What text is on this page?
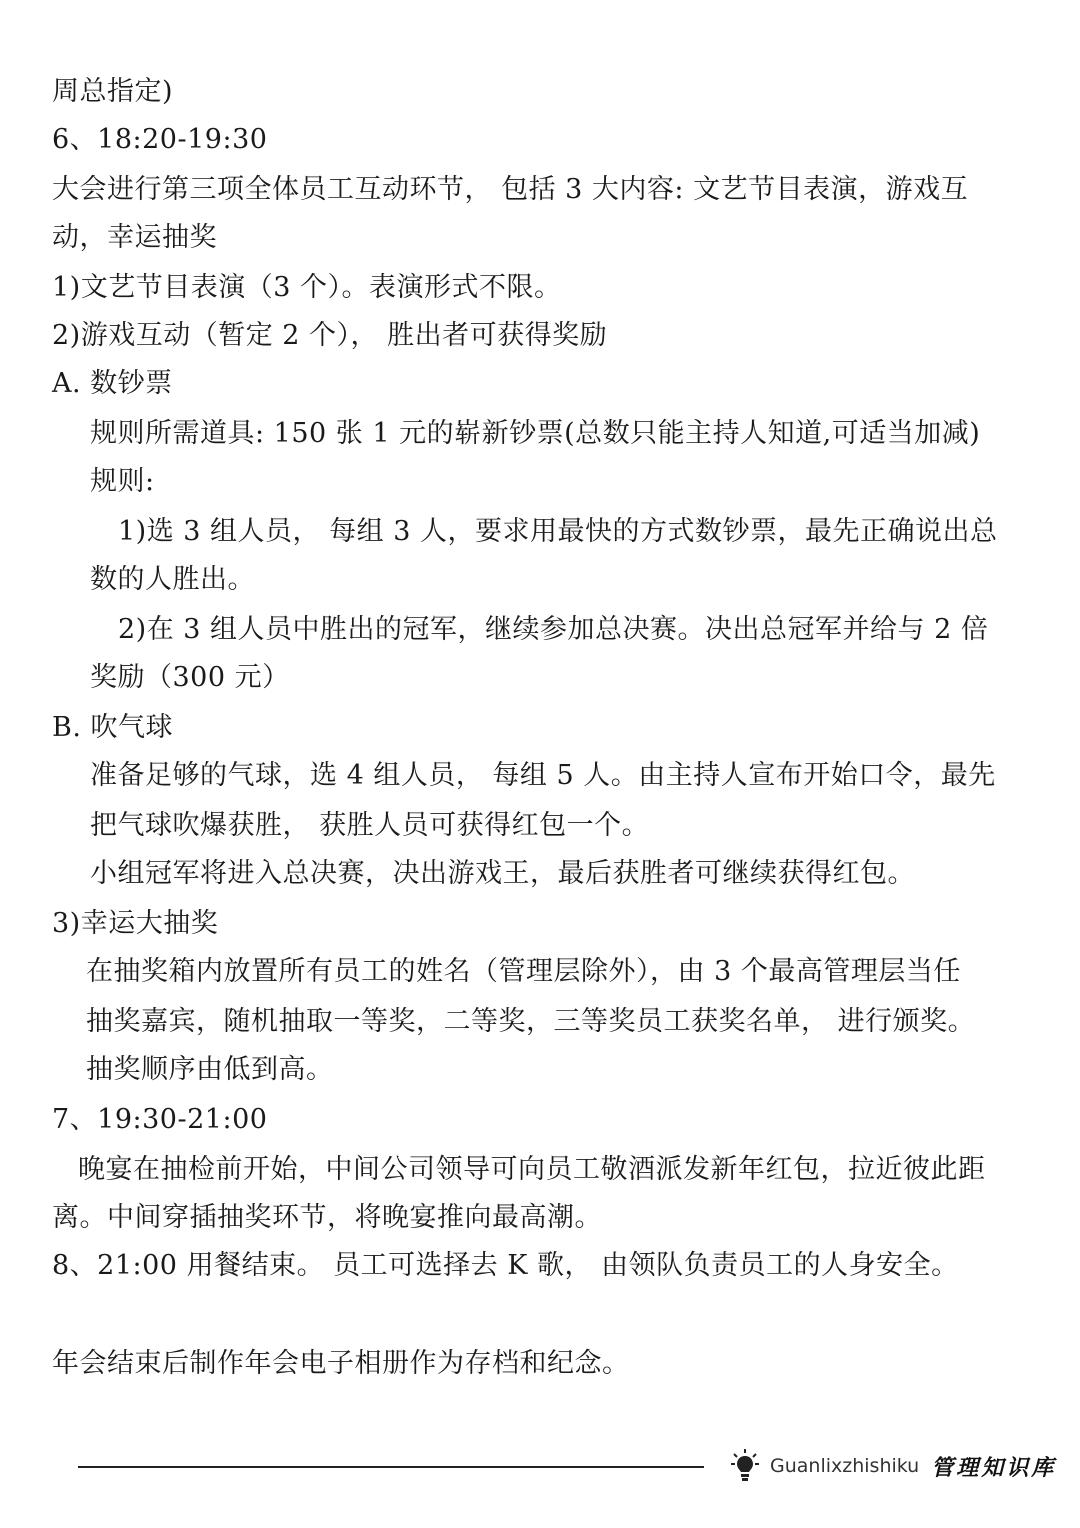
周总指定)
6、18:20-19:30
大会进行第三项全体员工互动环节， 包括 3 大内容: 文艺节目表演，游戏互
动，幸运抽奖
1)文艺节目表演（3 个）。表演形式不限。
2)游戏互动（暂定 2 个）， 胜出者可获得奖励
A. 数钞票
规则所需道具: 150 张 1 元的崭新钞票(总数只能主持人知道,可适当加减)
规则:
1)选 3 组人员， 每组 3 人，要求用最快的方式数钞票，最先正确说出总
数的人胜出。
2)在 3 组人员中胜出的冠军，继续参加总决赛。决出总冠军并给与 2 倍
奖励（300 元）
B. 吹气球
准备足够的气球，选 4 组人员， 每组 5 人。由主持人宣布开始口令，最先
把气球吹爆获胜， 获胜人员可获得红包一个。
小组冠军将进入总决赛，决出游戏王，最后获胜者可继续获得红包。
3)幸运大抽奖
在抽奖箱内放置所有员工的姓名（管理层除外），由 3 个最高管理层当任
抽奖嘉宾，随机抽取一等奖，二等奖，三等奖员工获奖名单， 进行颁奖。
抽奖顺序由低到高。
7、19:30-21:00
晚宴在抽检前开始，中间公司领导可向员工敬酒派发新年红包，拉近彼此距
离。中间穿插抽奖环节，将晚宴推向最高潮。
8、21:00 用餐结束。 员工可选择去 K 歌， 由领队负责员工的人身安全。
年会结束后制作年会电子相册作为存档和纪念。
Guanlixzhishiku 管理知识库
